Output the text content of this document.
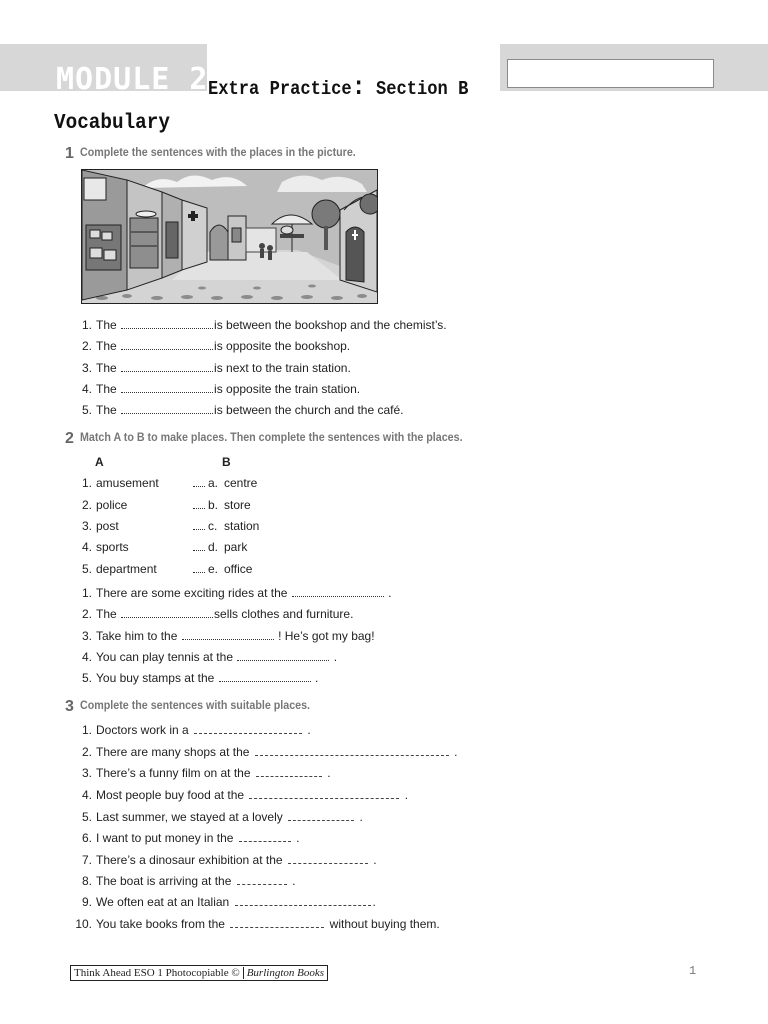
MODULE 2 Extra Practice: Section B
Vocabulary
1 Complete the sentences with the places in the picture.
1. The	is between the bookshop and the chemist’s.
2. The	is opposite the bookshop.
3. The	is next to the train station.
4. The	is opposite the train station.
5. The	is between the church and the café.
2 Match A to B to make places. Then complete the sentences with the places.
A	B
1. amusement	a. centre
2. police	b. store
3. post	c. station
4. sports	d. park
5. department	e. office
1. There are some exciting rides at the	.
2. The	sells clothes and furniture.
3. Take him to the	! He’s got my bag!
4. You can play tennis at the	.
5. You buy stamps at the	.
3 Complete the sentences with suitable places.
1. Doctors work in a	.
2. There are many shops at the	.
3. There’s a funny film on at the	.
4. Most people buy food at the	.
5. Last summer, we stayed at a lovely	.
6. I want to put money in the	.
7. There’s a dinosaur exhibition at the	.
8. The boat is arriving at the	.
9. We often eat at an Italian	.
10. You take books from the	without buying them.
Think Ahead ESO 1 Photocopiable © Burlington Books	1
